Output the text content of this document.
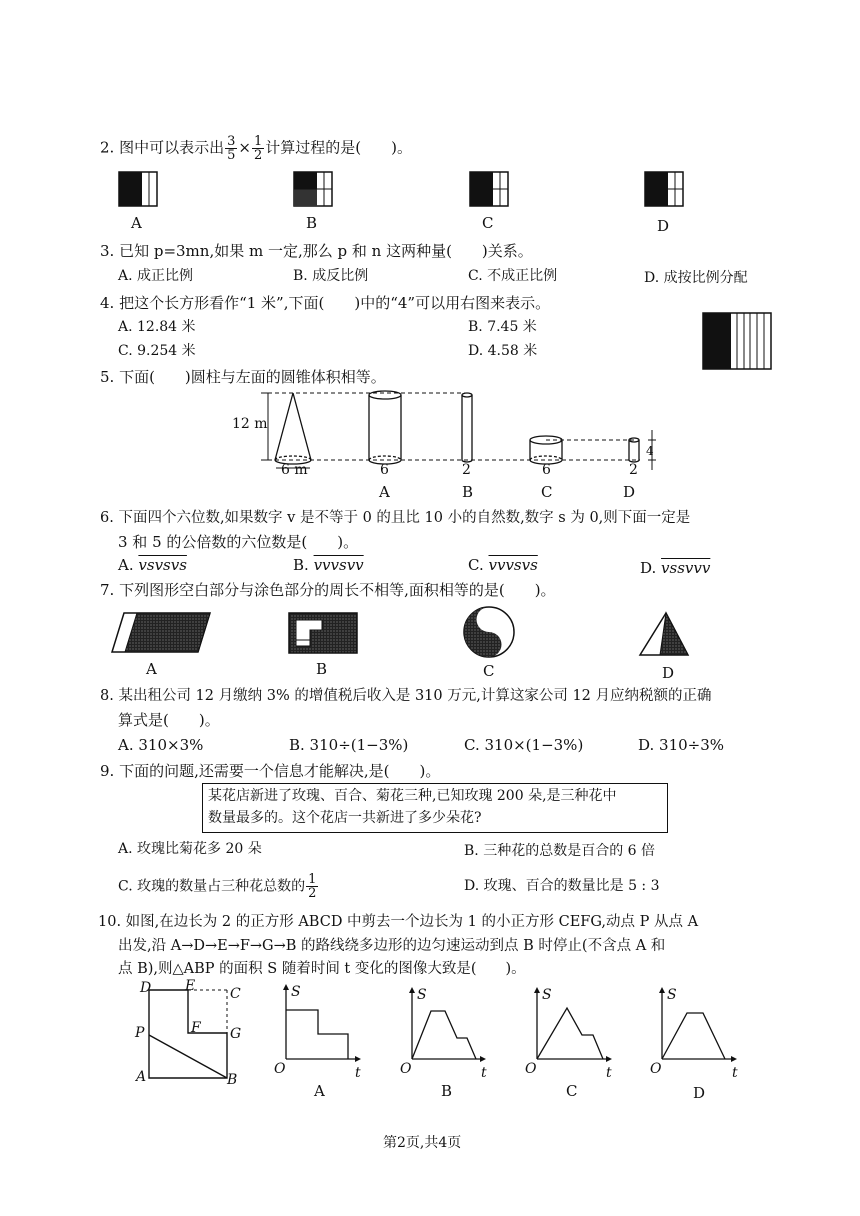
2. 图中可以表示出 $\frac{3}{5} \times \frac{1}{2}$ 计算过程的是(　　)。
A	B	C	D
3. 已知 p=3mn,如果 m 一定,那么 p 和 n 这两种量(　　)关系。
A. 成正比例	B. 成反比例	C. 不成正比例	D. 成按比例分配
4. 把这个长方形看作“1 米”,下面(　　)中的“4”可以用右图来表示。
A. 12.84 米	B. 7.45 米
C. 9.254 米	D. 4.58 米
5. 下面(　　)圆柱与左面的圆锥体积相等。
12 m
6 m	6	2	6	2
4
A	B	C	D
6. 下面四个六位数,如果数字 v 是不等于 0 的且比 10 小的自然数,数字 s 为 0,则下面一定是
3 和 5 的公倍数的六位数是(　　)。
A. vsvsvs	B. vvvsvv	C. vvvsvs	D. vssvvv
7. 下列图形空白部分与涂色部分的周长不相等,面积相等的是(　　)。
A	B	C	D
8. 某出租公司 12 月缴纳 3% 的增值税后收入是 310 万元,计算这家公司 12 月应纳税额的正确
算式是(　　)。
A. 310×3%	B. 310÷(1−3%)	C. 310×(1−3%)	D. 310÷3%
9. 下面的问题,还需要一个信息才能解决,是(　　)。
某花店新进了玫瑰、百合、菊花三种,已知玫瑰 200 朵,是三种花中
数量最多的。这个花店一共新进了多少朵花?
A. 玫瑰比菊花多 20 朵	B. 三种花的总数是百合的 6 倍
C. 玫瑰的数量占三种花总数的 $\frac{1}{2}$	D. 玫瑰、百合的数量比是 5 : 3
10. 如图,在边长为 2 的正方形 ABCD 中剪去一个边长为 1 的小正方形 CEFG,动点 P 从点 A
出发,沿 A→D→E→F→G→B 的路线绕多边形的边匀速运动到点 B 时停止(不含点 A 和
点 B),则△ABP 的面积 S 随着时间 t 变化的图像大致是(　　)。
D E C
F G
P
A	B
S
O	t
S
O	t
S
O	t
S
O	t
A	B	C	D
第2页,共4页
